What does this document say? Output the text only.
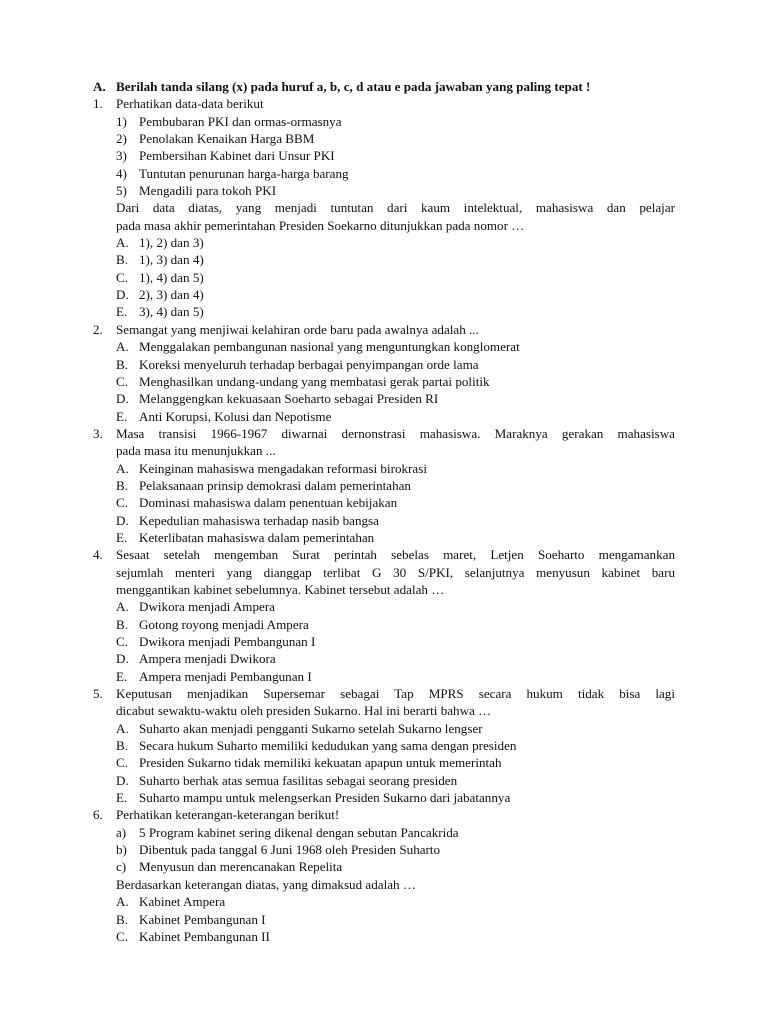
A. Berilah tanda silang (x) pada huruf a, b, c, d atau e pada jawaban yang paling tepat !
1. Perhatikan data-data berikut
1) Pembubaran PKI dan ormas-ormasnya
2) Penolakan Kenaikan Harga BBM
3) Pembersihan Kabinet dari Unsur PKI
4) Tuntutan penurunan harga-harga barang
5) Mengadili para tokoh PKI
Dari data diatas, yang menjadi tuntutan dari kaum intelektual, mahasiswa dan pelajar
pada masa akhir pemerintahan Presiden Soekarno ditunjukkan pada nomor …
A. 1), 2) dan 3)
B. 1), 3) dan 4)
C. 1), 4) dan 5)
D. 2), 3) dan 4)
E. 3), 4) dan 5)
2. Semangat yang menjiwai kelahiran orde baru pada awalnya adalah ...
A. Menggalakan pembangunan nasional yang menguntungkan konglomerat
B. Koreksi menyeluruh terhadap berbagai penyimpangan orde lama
C. Menghasilkan undang-undang yang membatasi gerak partai politik
D. Melanggengkan kekuasaan Soeharto sebagai Presiden RI
E. Anti Korupsi, Kolusi dan Nepotisme
3. Masa transisi 1966-1967 diwarnai dernonstrasi mahasiswa. Maraknya gerakan mahasiswa
pada masa itu menunjukkan ...
A. Keinginan mahasiswa mengadakan reformasi birokrasi
B. Pelaksanaan prinsip demokrasi dalam pemerintahan
C. Dominasi mahasiswa dalam penentuan kebijakan
D. Kepedulian mahasiswa terhadap nasib bangsa
E. Keterlibatan mahasiswa dalam pemerintahan
4. Sesaat setelah mengemban Surat perintah sebelas maret, Letjen Soeharto mengamankan
sejumlah menteri yang dianggap terlibat G 30 S/PKI, selanjutnya menyusun kabinet baru
menggantikan kabinet sebelumnya. Kabinet tersebut adalah …
A. Dwikora menjadi Ampera
B. Gotong royong menjadi Ampera
C. Dwikora menjadi Pembangunan I
D. Ampera menjadi Dwikora
E. Ampera menjadi Pembangunan I
5. Keputusan menjadikan Supersemar sebagai Tap MPRS secara hukum tidak bisa lagi
dicabut sewaktu-waktu oleh presiden Sukarno. Hal ini berarti bahwa …
A. Suharto akan menjadi pengganti Sukarno setelah Sukarno lengser
B. Secara hukum Suharto memiliki kedudukan yang sama dengan presiden
C. Presiden Sukarno tidak memiliki kekuatan apapun untuk memerintah
D. Suharto berhak atas semua fasilitas sebagai seorang presiden
E. Suharto mampu untuk melengserkan Presiden Sukarno dari jabatannya
6. Perhatikan keterangan-keterangan berikut!
a) 5 Program kabinet sering dikenal dengan sebutan Pancakrida
b) Dibentuk pada tanggal 6 Juni 1968 oleh Presiden Suharto
c) Menyusun dan merencanakan Repelita
Berdasarkan keterangan diatas, yang dimaksud adalah …
A. Kabinet Ampera
B. Kabinet Pembangunan I
C. Kabinet Pembangunan II
